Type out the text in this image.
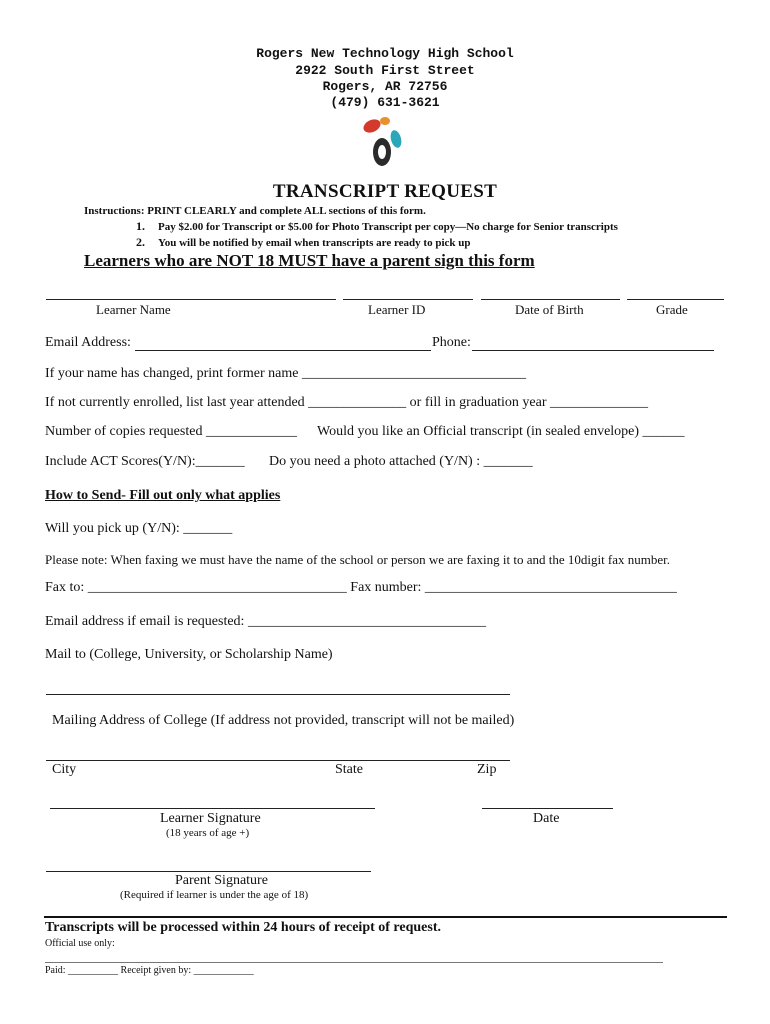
Rogers New Technology High School
2922 South First Street
Rogers, AR 72756
(479) 631-3621
TRANSCRIPT REQUEST
Instructions: PRINT CLEARLY and complete ALL sections of this form.
1. Pay $2.00 for Transcript or $5.00 for Photo Transcript per copy—No charge for Senior transcripts
2. You will be notified by email when transcripts are ready to pick up
Learners who are NOT 18 MUST have a parent sign this form
Learner Name	Learner ID	Date of Birth	Grade
Email Address:	Phone:
If your name has changed, print former name ________________________________
If not currently enrolled, list last year attended ______________ or fill in graduation year ______________
Number of copies requested _____________ Would you like an Official transcript (in sealed envelope) ______
Include ACT Scores(Y/N):_______ Do you need a photo attached (Y/N) : _______
How to Send- Fill out only what applies
Will you pick up (Y/N): _______
Please note: When faxing we must have the name of the school or person we are faxing it to and the 10digit fax number.
Fax to: _____________________________________ Fax number: ____________________________________
Email address if email is requested: __________________________________
Mail to (College, University, or Scholarship Name)
Mailing Address of College (If address not provided, transcript will not be mailed)
City	State	Zip
Learner Signature	Date
(18 years of age +)
Parent Signature
(Required if learner is under the age of 18)
Transcripts will be processed within 24 hours of receipt of request.
Official use only:
Paid: __________ Receipt given by: ____________
